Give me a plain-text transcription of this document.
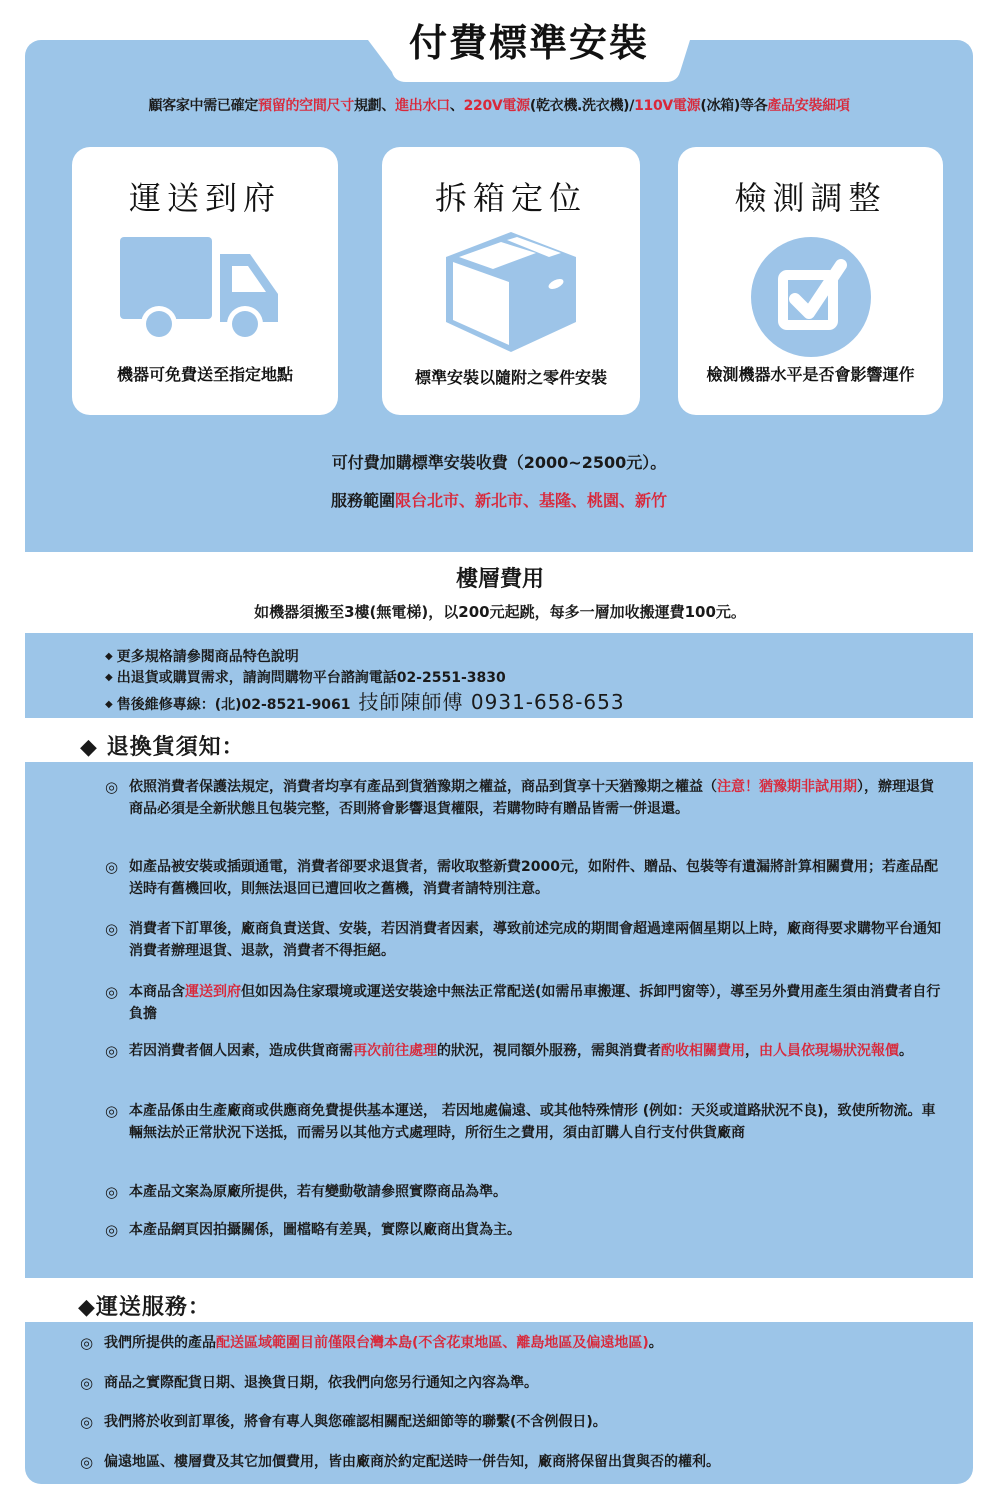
付費標準安裝
顧客家中需已確定預留的空間尺寸規劃、進出水口、220V電源(乾衣機.洗衣機)/110V電源(冰箱)等各產品安裝細項
運送到府
機器可免費送至指定地點
拆箱定位
標準安裝以隨附之零件安裝
檢測調整
檢測機器水平是否會影響運作
可付費加購標準安裝收費（2000~2500元）。
服務範圍限台北市、新北市、基隆、桃園、新竹
樓層費用
如機器須搬至3樓(無電梯)，以200元起跳，每多一層加收搬運費100元。
◆ 更多規格請參閱商品特色說明
◆ 出退貨或購買需求，請詢問購物平台諮詢電話02-2551-3830
◆ 售後維修專線：(北)02-8521-9061 技師陳師傅 0931-658-653
◆ 退換貨須知：
◎ 依照消費者保護法規定，消費者均享有產品到貨猶豫期之權益，商品到貨享十天猶豫期之權益（注意！猶豫期非試用期），辦理退貨商品必須是全新狀態且包裝完整，否則將會影響退貨權限，若購物時有贈品皆需一併退還。
◎ 如產品被安裝或插頭通電，消費者卻要求退貨者，需收取整新費2000元，如附件、贈品、包裝等有遺漏將計算相關費用；若產品配送時有舊機回收，則無法退回已遭回收之舊機，消費者請特別注意。
◎ 消費者下訂單後，廠商負責送貨、安裝，若因消費者因素，導致前述完成的期間會超過達兩個星期以上時，廠商得要求購物平台通知消費者辦理退貨、退款，消費者不得拒絕。
◎ 本商品含運送到府但如因為住家環境或運送安裝途中無法正常配送(如需吊車搬運、拆卸門窗等），導至另外費用產生須由消費者自行負擔
◎ 若因消費者個人因素，造成供貨商需再次前往處理的狀況，視同額外服務，需與消費者酌收相關費用，由人員依現場狀況報價。
◎ 本產品係由生產廠商或供應商免費提供基本運送， 若因地處偏遠、或其他特殊情形 (例如：天災或道路狀況不良)，致使所物流。車輛無法於正常狀況下送抵，而需另以其他方式處理時，所衍生之費用，須由訂購人自行支付供貨廠商
◎ 本產品文案為原廠所提供，若有變動敬請參照實際商品為準。
◎ 本產品網頁因拍攝關係，圖檔略有差異，實際以廠商出貨為主。
◆運送服務：
◎ 我們所提供的產品配送區域範圍目前僅限台灣本島(不含花東地區、離島地區及偏遠地區)。
◎ 商品之實際配貨日期、退換貨日期，依我們向您另行通知之內容為準。
◎ 我們將於收到訂單後，將會有專人與您確認相關配送細節等的聯繫(不含例假日)。
◎ 偏遠地區、樓層費及其它加價費用，皆由廠商於約定配送時一併告知，廠商將保留出貨與否的權利。
